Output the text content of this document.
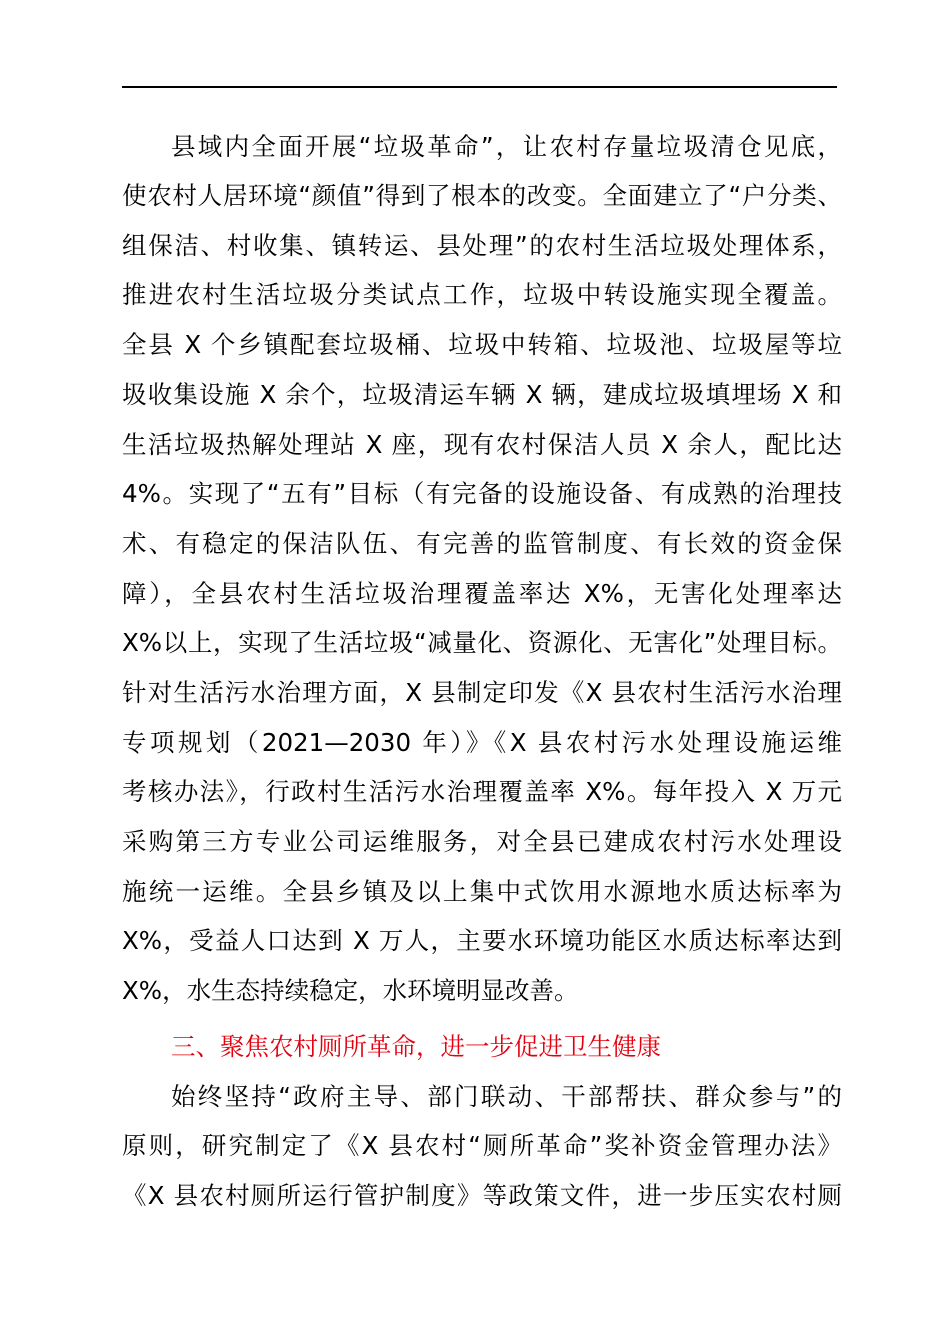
县域内全面开展“垃圾革命”，让农村存量垃圾清仓见底，
使农村人居环境“颜值”得到了根本的改变。全面建立了“户分类、
组保洁、村收集、镇转运、县处理”的农村生活垃圾处理体系，
推进农村生活垃圾分类试点工作，垃圾中转设施实现全覆盖。
全县 X 个乡镇配套垃圾桶、垃圾中转箱、垃圾池、垃圾屋等垃
圾收集设施 X 余个，垃圾清运车辆 X 辆，建成垃圾填埋场 X 和
生活垃圾热解处理站 X 座，现有农村保洁人员 X 余人，配比达
4%。实现了“五有”目标（有完备的设施设备、有成熟的治理技
术、有稳定的保洁队伍、有完善的监管制度、有长效的资金保
障），全县农村生活垃圾治理覆盖率达 X%，无害化处理率达
X%以上，实现了生活垃圾“减量化、资源化、无害化”处理目标。
针对生活污水治理方面，X 县制定印发《X 县农村生活污水治理
专项规划（2021—2030 年）》《X 县农村污水处理设施运维
考核办法》，行政村生活污水治理覆盖率 X%。每年投入 X 万元
采购第三方专业公司运维服务，对全县已建成农村污水处理设
施统一运维。全县乡镇及以上集中式饮用水源地水质达标率为
X%，受益人口达到 X 万人，主要水环境功能区水质达标率达到
X%，水生态持续稳定，水环境明显改善。
三、聚焦农村厕所革命，进一步促进卫生健康
始终坚持“政府主导、部门联动、干部帮扶、群众参与”的
原则，研究制定了《X 县农村“厕所革命”奖补资金管理办法》
《X 县农村厕所运行管护制度》等政策文件，进一步压实农村厕
